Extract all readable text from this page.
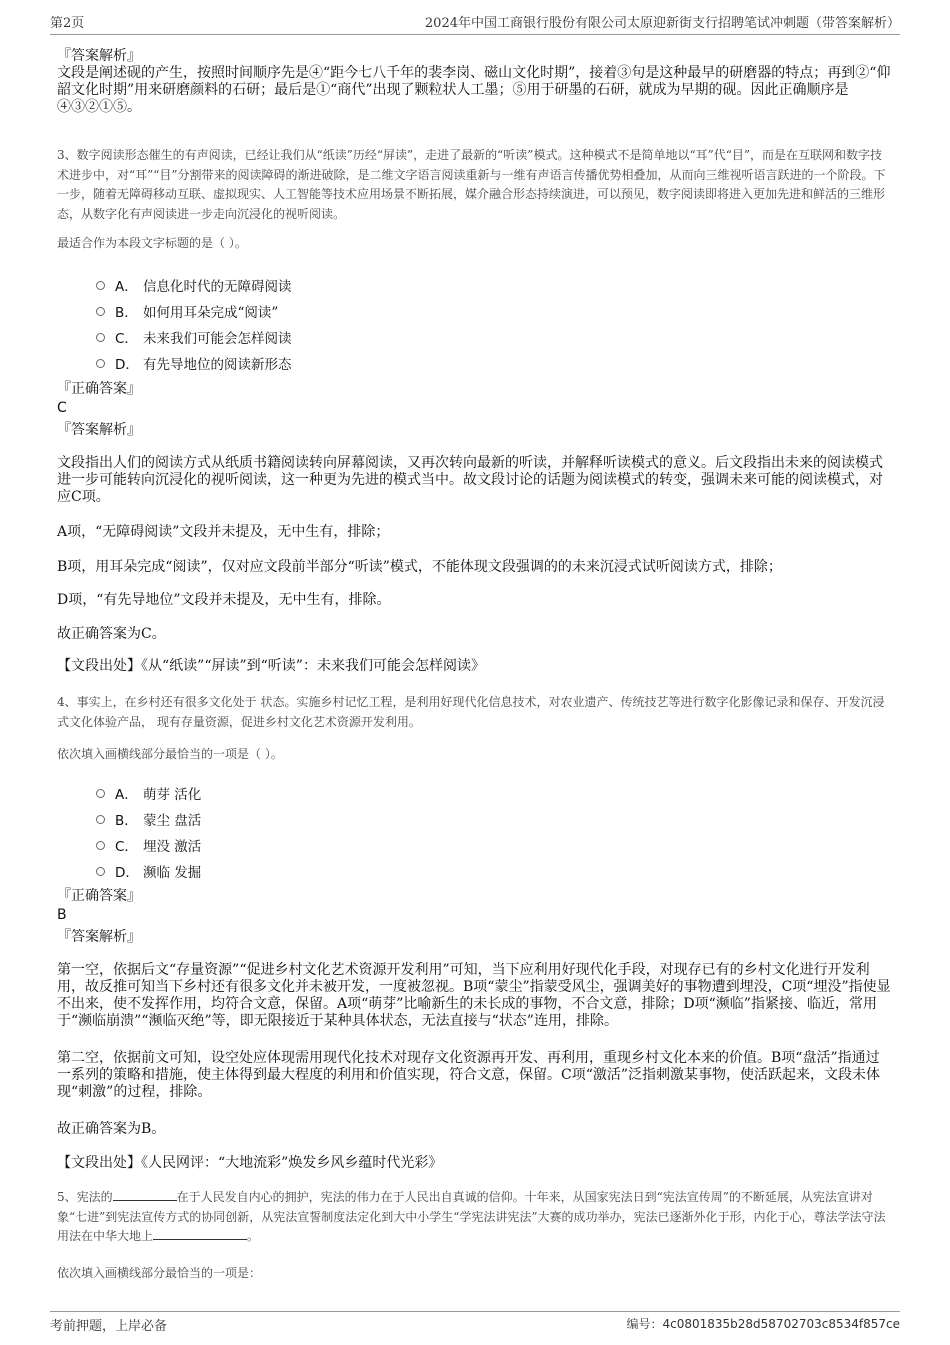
第2页	2024年中国工商银行股份有限公司太原迎新街支行招聘笔试冲刺题（带答案解析）
『答案解析』
文段是阐述砚的产生，按照时间顺序先是④“距今七八千年的裴李岗、磁山文化时期”，接着③句是这种最早的研磨器的特点；再到②“仰韶文化时期”用来研磨颜料的石研；最后是①“商代”出现了颗粒状人工墨；⑤用于研墨的石研，就成为早期的砚。因此正确顺序是④③②①⑤。
3、数字阅读形态催生的有声阅读，已经让我们从“纸读”历经“屏读”，走进了最新的“听读”模式。这种模式不是简单地以“耳”代“目”，而是在互联网和数字技术进步中，对“耳”“目”分割带来的阅读障碍的渐进破除，是二维文字语言阅读重新与一维有声语言传播优势相叠加，从而向三维视听语言跃进的一个阶段。下一步，随着无障碍移动互联、虚拟现实、人工智能等技术应用场景不断拓展，媒介融合形态持续演进，可以预见，数字阅读即将进入更加先进和鲜活的三维形态，从数字化有声阅读进一步走向沉浸化的视听阅读。
最适合作为本段文字标题的是（ ）。
A． 信息化时代的无障碍阅读
B． 如何用耳朵完成“阅读”
C． 未来我们可能会怎样阅读
D． 有先导地位的阅读新形态
『正确答案』
C
『答案解析』
文段指出人们的阅读方式从纸质书籍阅读转向屏幕阅读，又再次转向最新的听读，并解释听读模式的意义。后文段指出未来的阅读模式进一步可能转向沉浸化的视听阅读，这一种更为先进的模式当中。故文段讨论的话题为阅读模式的转变，强调未来可能的阅读模式，对应C项。
A项，“无障碍阅读”文段并未提及，无中生有，排除；
B项，用耳朵完成“阅读”，仅对应文段前半部分“听读”模式，不能体现文段强调的的未来沉浸式试听阅读方式，排除；
D项，“有先导地位”文段并未提及，无中生有，排除。
故正确答案为C。
【文段出处】《从“纸读”“屏读”到“听读”：未来我们可能会怎样阅读》
4、事实上，在乡村还有很多文化处于 状态。实施乡村记忆工程，是利用好现代化信息技术，对农业遗产、传统技艺等进行数字化影像记录和保存、开发沉浸式文化体验产品， 现有存量资源，促进乡村文化艺术资源开发利用。
依次填入画横线部分最恰当的一项是（ ）。
A． 萌芽 活化
B． 蒙尘 盘活
C． 埋没 激活
D． 濒临 发掘
『正确答案』
B
『答案解析』
第一空，依据后文“存量资源”“促进乡村文化艺术资源开发利用”可知，当下应利用好现代化手段，对现存已有的乡村文化进行开发利用，故反推可知当下乡村还有很多文化并未被开发，一度被忽视。B项“蒙尘”指蒙受风尘，强调美好的事物遭到埋没，C项“埋没”指使显不出来，使不发挥作用，均符合文意，保留。A项“萌芽”比喻新生的未长成的事物，不合文意，排除；D项“濒临”指紧接、临近，常用于“濒临崩溃”“濒临灭绝”等，即无限接近于某种具体状态，无法直接与“状态”连用，排除。
第二空，依据前文可知，设空处应体现需用现代化技术对现存文化资源再开发、再利用，重现乡村文化本来的价值。B项“盘活”指通过一系列的策略和措施，使主体得到最大程度的利用和价值实现，符合文意，保留。C项“激活”泛指刺激某事物，使活跃起来，文段未体现“刺激”的过程，排除。
故正确答案为B。
【文段出处】《人民网评：“大地流彩”焕发乡风乡蕴时代光彩》
5、宪法的	在于人民发自内心的拥护，宪法的伟力在于人民出自真诚的信仰。十年来，从国家宪法日到“宪法宣传周”的不断延展，从宪法宣讲对象“七进”到宪法宣传方式的协同创新，从宪法宣誓制度法定化到大中小学生“学宪法讲宪法”大赛的成功举办，宪法已逐渐外化于形，内化于心，尊法学法守法用法在中华大地上	。
依次填入画横线部分最恰当的一项是：
考前押题，上岸必备	编号：4c0801835b28d58702703c8534f857ce
